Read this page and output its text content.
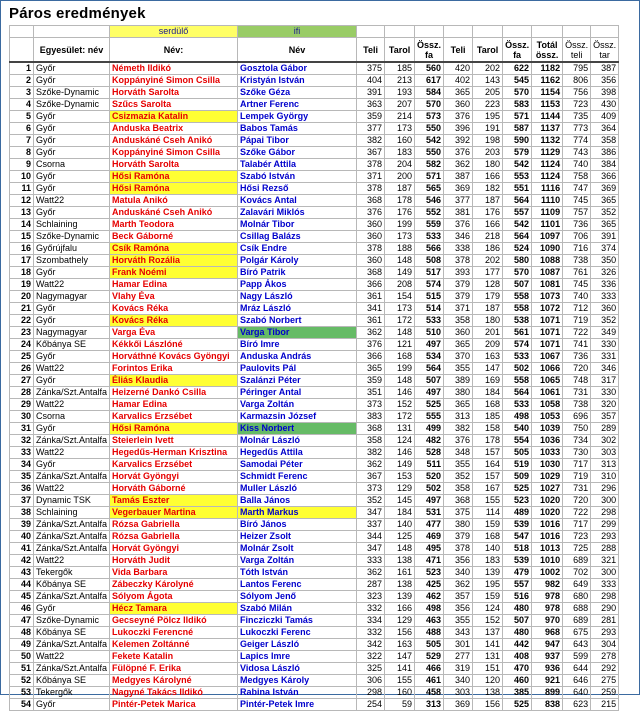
Páros eredmények
		serdülő	ifi									
	Egyesület: név	Név:	Név	Teli	Tarol	Össz. fa	Teli	Tarol	Össz. fa	Totál össz.	Össz. teli	Össz. tar
1	Győr	Németh Ildikó	Gosztola Gábor	375	185	560	420	202	622	1182	795	387
2	Győr	Koppányiné Simon Csilla	Kristyán István	404	213	617	402	143	545	1162	806	356
3	Szőke-Dynamic	Horváth Sarolta	Szőke Géza	391	193	584	365	205	570	1154	756	398
4	Szőke-Dynamic	Szűcs Sarolta	Artner Ferenc	363	207	570	360	223	583	1153	723	430
5	Győr	Csizmazia Katalin	Lempek György	359	214	573	376	195	571	1144	735	409
6	Győr	Anduska Beatrix	Babos Tamás	377	173	550	396	191	587	1137	773	364
7	Győr	Anduskáné Cseh Anikó	Pápai Tibor	382	160	542	392	198	590	1132	774	358
8	Győr	Koppányiné Simon Csilla	Szőke Gábor	367	183	550	376	203	579	1129	743	386
9	Csorna	Horváth Sarolta	Talabér Attila	378	204	582	362	180	542	1124	740	384
10	Győr	Hősi Ramóna	Szabó István	371	200	571	387	166	553	1124	758	366
11	Győr	Hősi Ramóna	Hősi Rezső	378	187	565	369	182	551	1116	747	369
12	Watt22	Matula Anikó	Kovács Antal	368	178	546	377	187	564	1110	745	365
13	Győr	Anduskáné Cseh Anikó	Zalavári Miklós	376	176	552	381	176	557	1109	757	352
14	Schlaining	Marth Teodora	Molnár Tibor	360	199	559	376	166	542	1101	736	365
15	Szőke-Dynamic	Beck Gáborné	Csillag Balázs	360	173	533	346	218	564	1097	706	391
16	Győrújfalu	Csík Ramóna	Csík Endre	378	188	566	338	186	524	1090	716	374
17	Szombathely	Horváth Rozália	Polgár Károly	360	148	508	378	202	580	1088	738	350
18	Győr	Frank Noémi	Bíró Patrik	368	149	517	393	177	570	1087	761	326
19	Watt22	Hamar Edina	Papp Ákos	366	208	574	379	128	507	1081	745	336
20	Nagymagyar	Vlahy Éva	Nagy László	361	154	515	379	179	558	1073	740	333
21	Győr	Kovács Réka	Mráz László	341	173	514	371	187	558	1072	712	360
22	Győr	Kovács Réka	Szabó Norbert	361	172	533	358	180	538	1071	719	352
23	Nagymagyar	Varga Éva	Varga Tibor	362	148	510	360	201	561	1071	722	349
24	Kőbánya SE	Kékkői Lászlóné	Bíró Imre	376	121	497	365	209	574	1071	741	330
25	Győr	Horváthné Kovács Gyöngyi	Anduska András	366	168	534	370	163	533	1067	736	331
26	Watt22	Forintos Erika	Paulovits Pál	365	199	564	355	147	502	1066	720	346
27	Győr	Éliás Klaudia	Szalánzi Péter	359	148	507	389	169	558	1065	748	317
28	Zánka/Szt.Antalfa	Heizerné Dankó Csilla	Péringer Antal	351	146	497	380	184	564	1061	731	330
29	Watt22	Hamar Edina	Varga Zoltán	373	152	525	365	168	533	1058	738	320
30	Csorna	Karvalics Erzsébet	Karmazsin József	383	172	555	313	185	498	1053	696	357
31	Győr	Hősi Ramóna	Kiss Norbert	368	131	499	382	158	540	1039	750	289
32	Zánka/Szt.Antalfa	Steierlein Ivett	Molnár László	358	124	482	376	178	554	1036	734	302
33	Watt22	Hegedűs-Herman Krisztina	Hegedűs Attila	382	146	528	348	157	505	1033	730	303
34	Győr	Karvalics Erzsébet	Samodai Péter	362	149	511	355	164	519	1030	717	313
35	Zánka/Szt.Antalfa	Horvát Gyöngyi	Schmidt Ferenc	367	153	520	352	157	509	1029	719	310
36	Watt22	Horváth Gáborné	Muller László	373	129	502	358	167	525	1027	731	296
37	Dynamic TSK	Tamás Eszter	Balla János	352	145	497	368	155	523	1020	720	300
38	Schlaining	Vegerbauer Martina	Marth Markus	347	184	531	375	114	489	1020	722	298
39	Zánka/Szt.Antalfa	Rózsa Gabriella	Bíró János	337	140	477	380	159	539	1016	717	299
40	Zánka/Szt.Antalfa	Rózsa Gabriella	Heizer Zsolt	344	125	469	379	168	547	1016	723	293
41	Zánka/Szt.Antalfa	Horvát Gyöngyi	Molnár Zsolt	347	148	495	378	140	518	1013	725	288
42	Watt22	Horváth Judit	Varga Zoltán	333	138	471	356	183	539	1010	689	321
43	Tekergők	Vida Barbara	Tóth István	362	161	523	340	139	479	1002	702	300
44	Kőbánya SE	Zábeczky Károlyné	Lantos Ferenc	287	138	425	362	195	557	982	649	333
45	Zánka/Szt.Antalfa	Sólyom Ágota	Sólyom Jenő	323	139	462	357	159	516	978	680	298
46	Győr	Hécz Tamara	Szabó Milán	332	166	498	356	124	480	978	688	290
47	Szőke-Dynamic	Gecseyné Pölcz Ildikó	Fincziczki Tamás	334	129	463	355	152	507	970	689	281
48	Kőbánya SE	Lukoczki Ferencné	Lukoczki Ferenc	332	156	488	343	137	480	968	675	293
49	Zánka/Szt.Antalfa	Kelemen Zoltánné	Geiger László	342	163	505	301	141	442	947	643	304
50	Watt22	Fekete Katalin	Lapics Imre	322	147	529	277	131	408	937	599	278
51	Zánka/Szt.Antalfa	Fülöpné F. Erika	Vidosa László	325	141	466	319	151	470	936	644	292
52	Kőbánya SE	Medgyes Károlyné	Medgyes Károly	306	155	461	340	120	460	921	646	275
53	Tekergők	Nagyné Takács Ildikó	Rabina István	298	160	458	303	138	385	899	640	259
54	Győr	Pintér-Petek Marica	Pintér-Petek Imre	254	59	313	369	156	525	838	623	215
